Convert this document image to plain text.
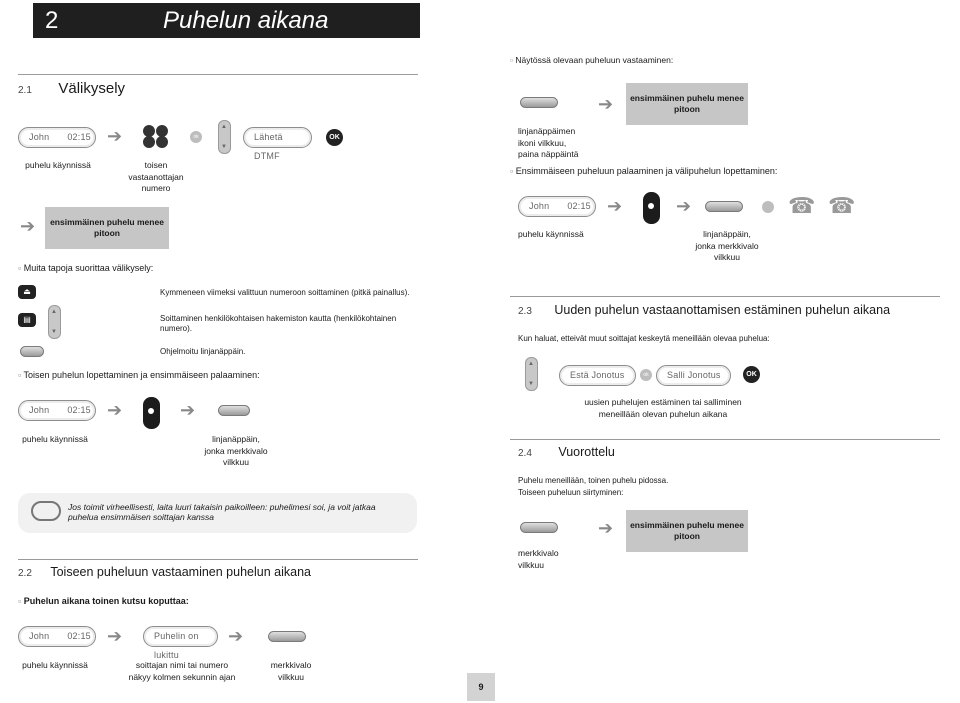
2	Puhelun aikana
2.1 Välikysely
John 02:15 ➔	ok ▲ ▼	Lähetä DTMF
OK
puhelu käynnissä	toisen
vastaanottajan
numero
➔	ensimmäinen puhelu menee
pitoon
▫ Muita tapoja suorittaa välikysely:
⏏	Kymmeneen viimeksi valittuun numeroon soittaminen (pitkä painallus).
▤ ▲ ▼	Soittaminen henkilökohtaisen hakemiston kautta (henkilökohtainen
numero).
Ohjelmoitu linjanäppäin.
▫ Toisen puhelun lopettaminen ja ensimmäiseen palaaminen:
John 02:15 ➔	➔
puhelu käynnissä	linjanäppäin,
jonka merkkivalo
vilkkuu
Jos toimit virheellisesti, laita luuri takaisin paikoilleen: puhelimesi soi, ja voit jatkaa
puhelua ensimmäisen soittajan kanssa
2.2 Toiseen puheluun vastaaminen puhelun aikana
▫ Puhelun aikana toinen kutsu koputtaa:
John 02:15 ➔	Puhelin on lukittu
➔
puhelu käynnissä	soittajan nimi tai numero
näkyy kolmen sekunnin ajan
merkkivalo
vilkkuu
▫ Näytössä olevaan puheluun vastaaminen:
➔	ensimmäinen puhelu menee
pitoon
linjanäppäimen
ikoni vilkkuu,
paina näppäintä
▫ Ensimmäiseen puheluun palaaminen ja välipuhelun lopettaminen:
John 02:15 ➔	➔	☎ ☎
puhelu käynnissä	linjanäppäin,
jonka merkkivalo
vilkkuu
2.3 Uuden puhelun vastaanottamisen estäminen puhelun aikana
Kun haluat, etteivät muut soittajat keskeytä meneillään olevaa puhelua:
▲ ▼
Estä Jonotus	ok	Salli Jonotus	OK
uusien puhelujen estäminen tai salliminen
meneillään olevan puhelun aikana
2.4 Vuorottelu
Puhelu meneillään, toinen puhelu pidossa.
Toiseen puheluun siirtyminen:
➔	ensimmäinen puhelu menee
pitoon
merkkivalo
vilkkuu
9
